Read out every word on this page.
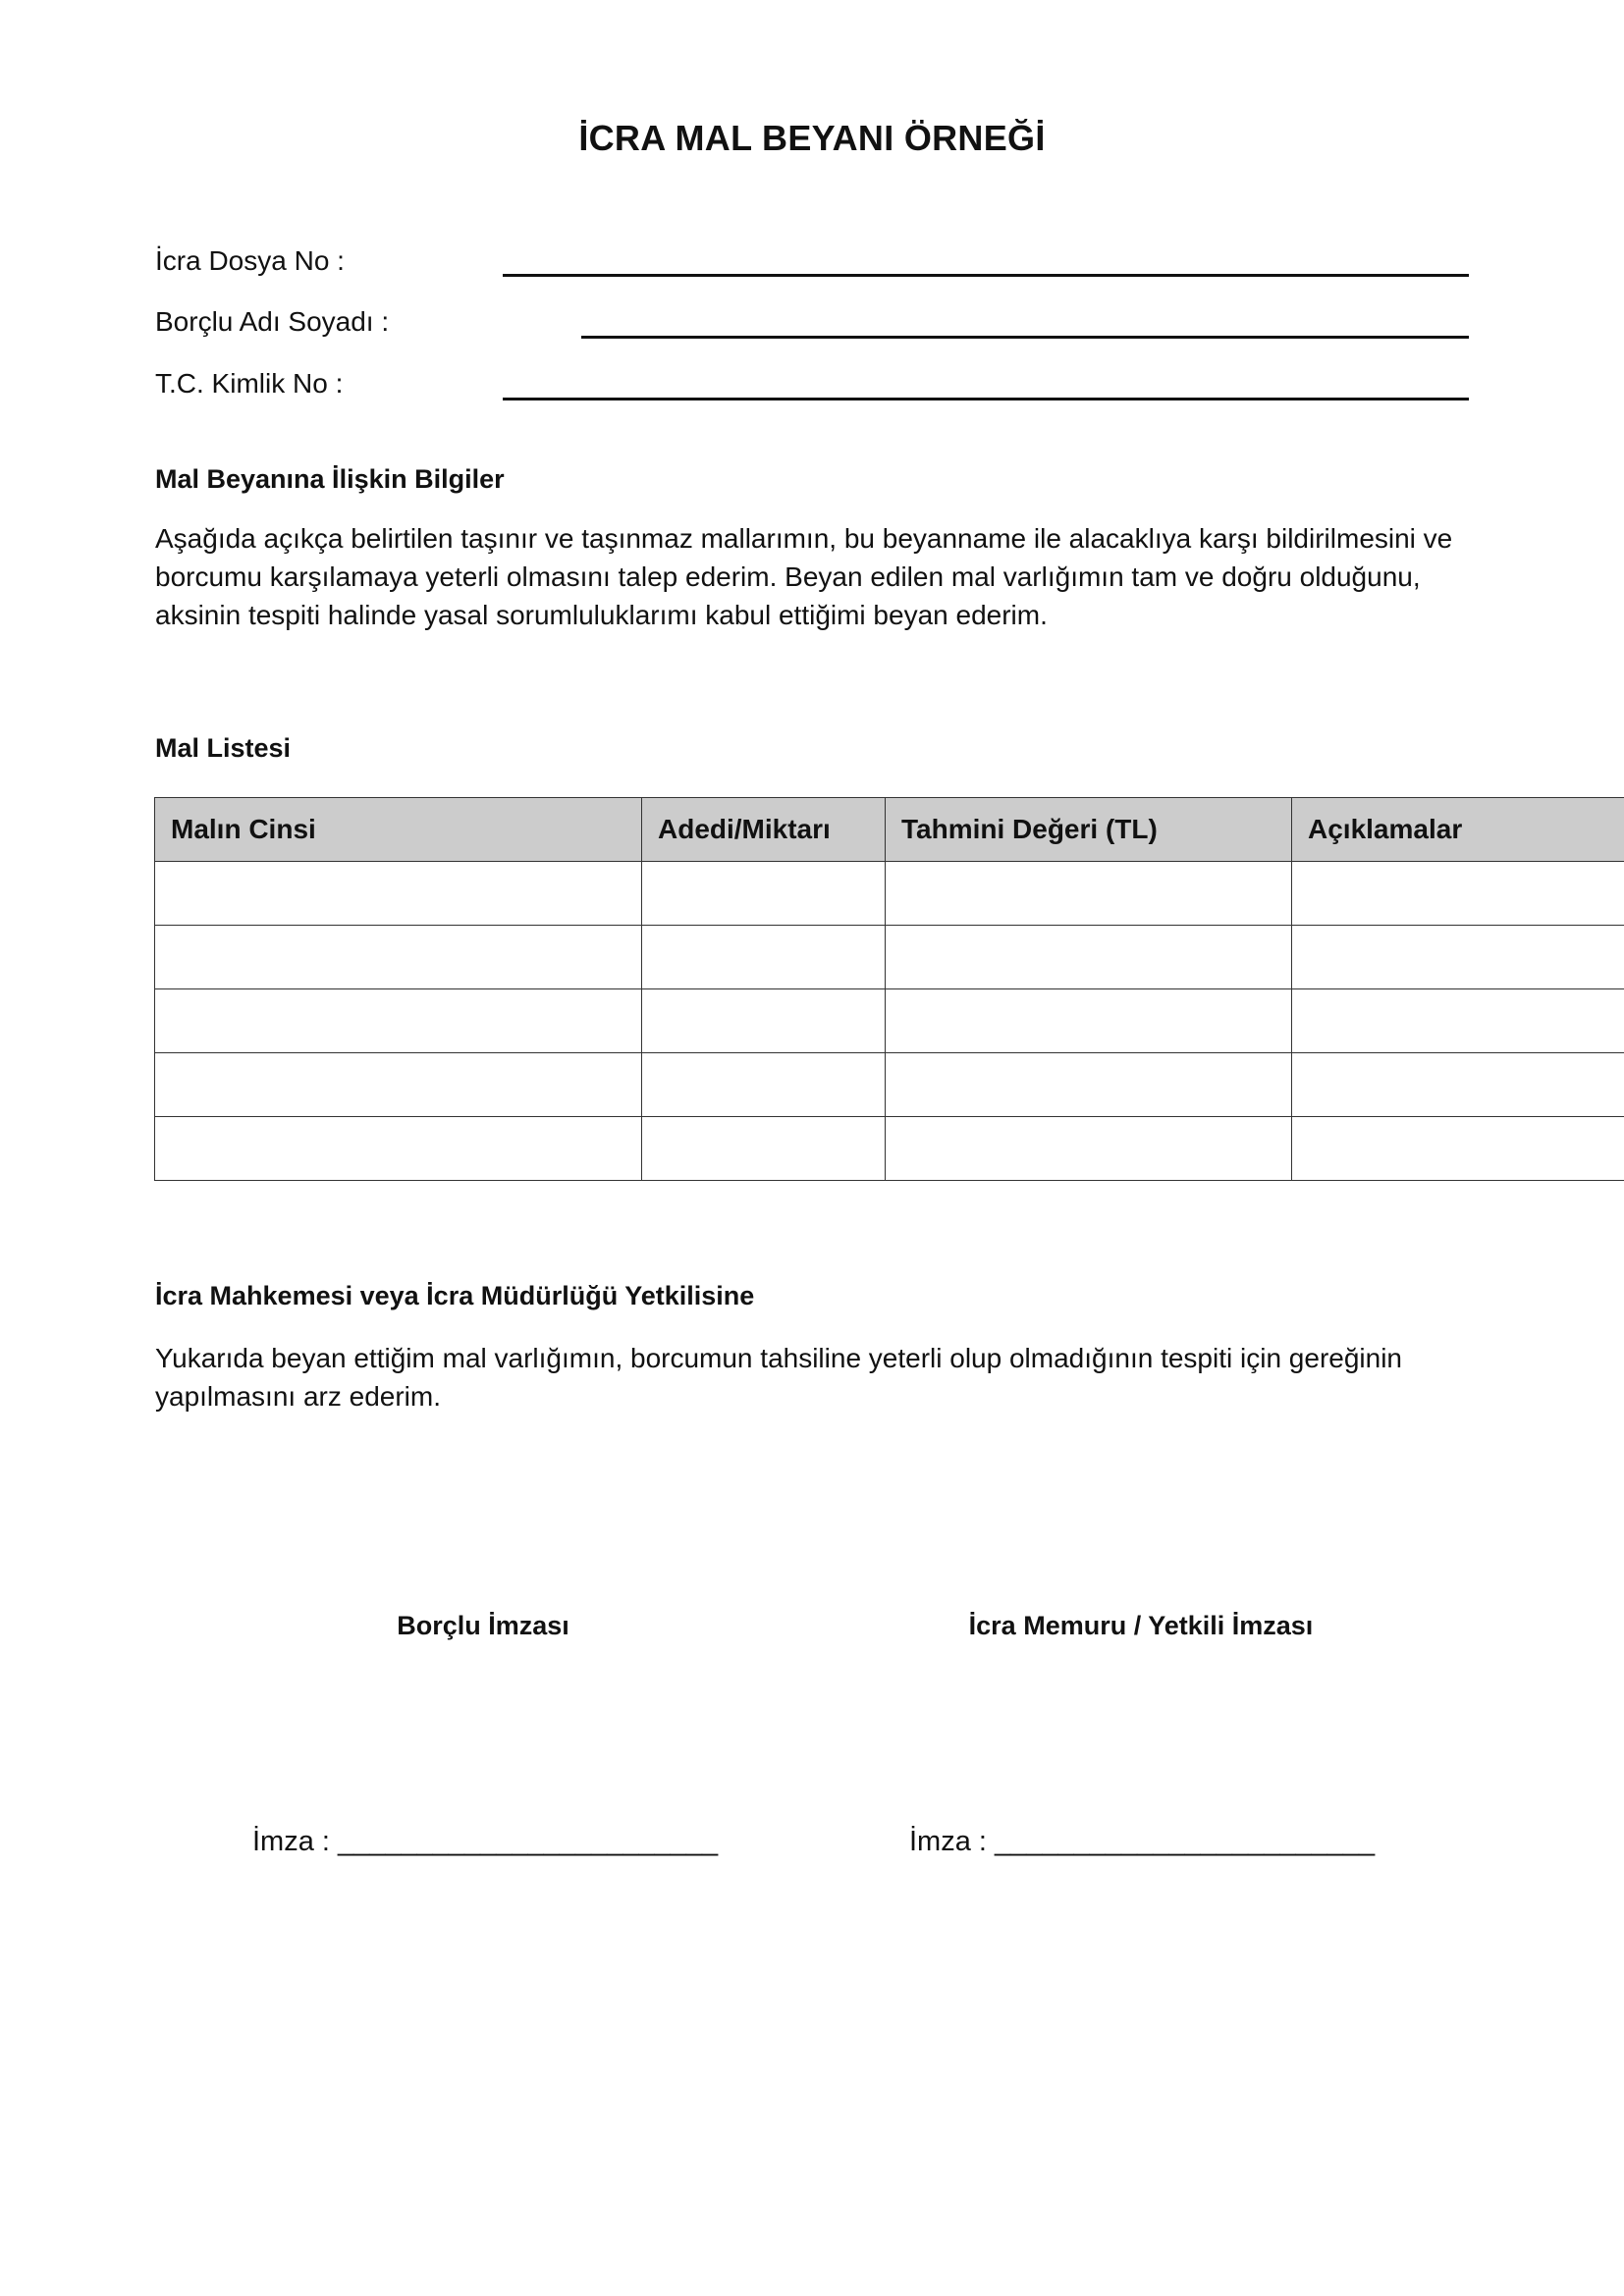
İCRA MAL BEYANI ÖRNEĞİ
İcra Dosya No :
Borçlu Adı Soyadı :
T.C. Kimlik No :
Mal Beyanına İlişkin Bilgiler
Aşağıda açıkça belirtilen taşınır ve taşınmaz mallarımın, bu beyanname ile alacaklıya karşı bildirilmesini ve borcumu karşılamaya yeterli olmasını talep ederim. Beyan edilen mal varlığımın tam ve doğru olduğunu, aksinin tespiti halinde yasal sorumluluklarımı kabul ettiğimi beyan ederim.
Mal Listesi
Malın Cinsi	Adedi/Miktarı	Tahmini Değeri (TL)	Açıklamalar

İcra Mahkemesi veya İcra Müdürlüğü Yetkilisine
Yukarıda beyan ettiğim mal varlığımın, borcumun tahsiline yeterli olup olmadığının tespiti için gereğinin yapılmasını arz ederim.
Borçlu İmzası	İcra Memuru / Yetkili İmzası
İmza : ________________________	İmza : ________________________
